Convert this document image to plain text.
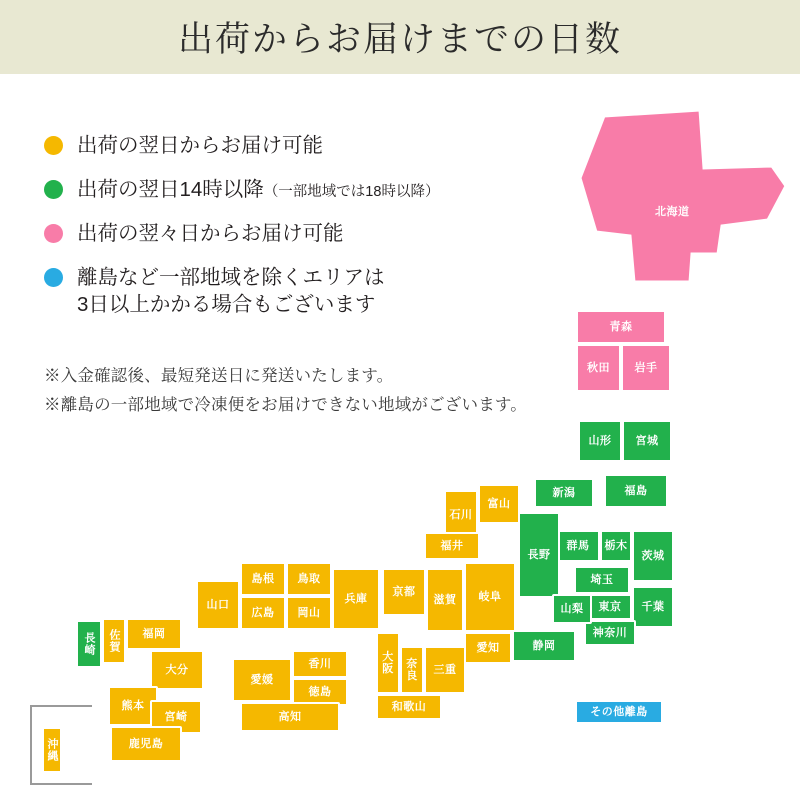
出荷からお届けまでの日数
出荷の翌日からお届け可能
出荷の翌日14時以降（一部地域では18時以降）
出荷の翌々日からお届け可能
離島など一部地域を除くエリアは
3日以上かかる場合もございます
※入金確認後、最短発送日に発送いたします。
※離島の一部地域で冷凍便をお届けできない地域がございます。
北海道
青森
秋田	岩手
山形	宮城
福島
新潟
群馬	栃木
茨城
埼玉
東京	千葉
神奈川
長野
山梨
静岡
石川
富山
福井
岐阜
愛知
滋賀
京都
三重
奈良
大阪
和歌山
兵庫
鳥取
島根
岡山
広島
山口
香川
徳島
愛媛
高知
福岡
佐賀
長崎
大分
熊本
宮崎
鹿児島
沖縄
その他離島
